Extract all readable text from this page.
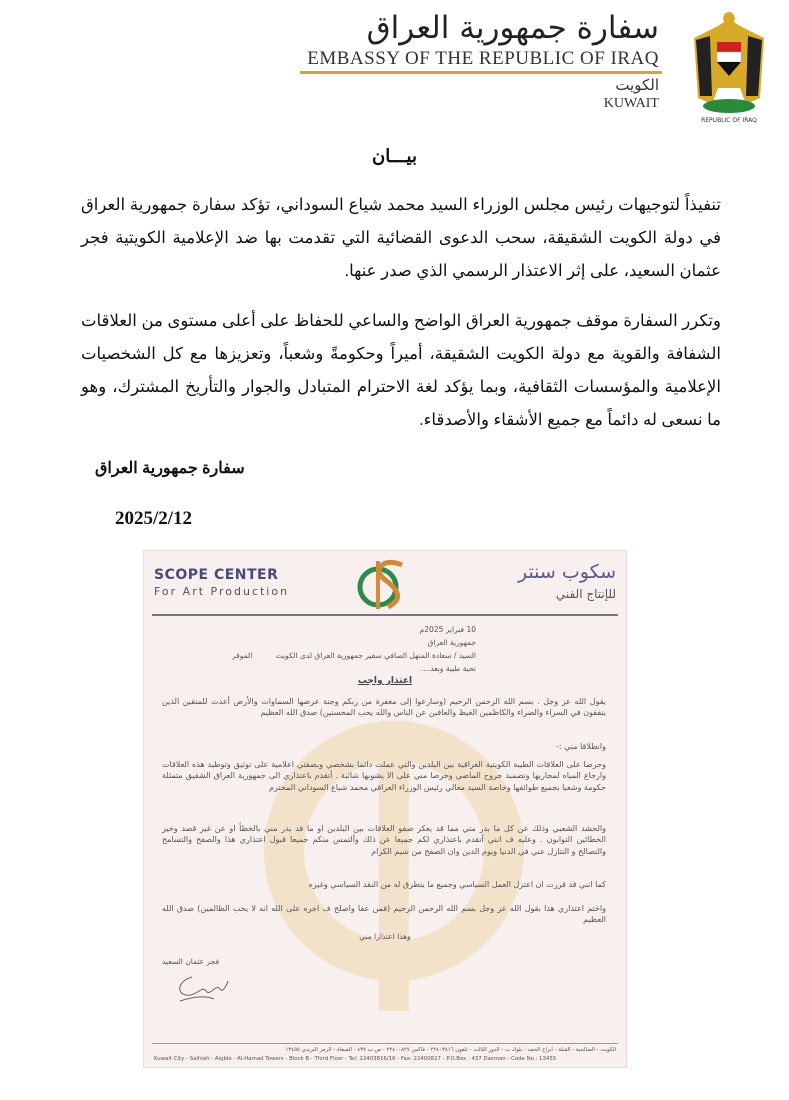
REPUBLIC OF IRAQ
سفارة جمهورية العراق
EMBASSY OF THE REPUBLIC OF IRAQ
الكويت
KUWAIT
بيـــان
تنفيذاً لتوجيهات رئيس مجلس الوزراء السيد محمد شياع السوداني، تؤكد سفارة جمهورية العراق في دولة الكويت الشقيقة، سحب الدعوى القضائية التي تقدمت بها ضد الإعلامية الكويتية فجر عثمان السعيد، على إثر الاعتذار الرسمي الذي صدر عنها.
وتكرر السفارة موقف جمهورية العراق الواضح والساعي للحفاظ على أعلى مستوى من العلاقات الشفافة والقوية مع دولة الكويت الشقيقة، أميراً وحكومةً وشعباً، وتعزيزها مع كل الشخصيات الإعلامية والمؤسسات الثقافية، وبما يؤكد لغة الاحترام المتبادل والجوار والتأريخ المشترك، وهو ما نسعى له دائماً مع جميع الأشقاء والأصدقاء.
سفارة جمهورية العراق
2025/2/12
SCOPE CENTER
For Art Production
سكوب سنتر
للإنتاج الفني
10 فبراير 2025م
جمهورية العراق
السيد / سعادة المنهل الصافي سفير جمهورية العراق لدى الكويت
الموقر
تحية طيبة وبعد....
اعتذار واجب
يقول الله عز وجل . بسم الله الرحمن الرحيم (وسارعوا إلى مغفرة من ربكم وجنة عرضها السماوات والأرض أعدت للمتقين الذين ينفقون في السراء والضراء والكاظمين الغيظ والعافين عن الناس والله يحب المحسنين) صدق الله العظيم
وانطلاقا مني :-
وحرصا على العلاقات الطيبة الكويتية العراقية بين البلدين والتي عملت دائما بشخصي وبصفتي اعلامية على توثيق وتوطيد هذه العلاقات وارجاع المياه لمجاريها وتضميد جروح الماضي وحرصا مني على الا يشوبها شائبة . أتقدم باعتذاري الى جمهورية العراق الشقيق متمثلة حكومة وشعبا بجميع طوائفها وخاصة السيد معالي رئيس الوزراء العراقي محمد شياع السوداني المحترم
والحشد الشعبي وذلك عن كل ما بدر مني مما قد يعكر صفو العلاقات بين البلدين او ما قد بدر مني بالخطأ او عن غير قصد وخير الخطائين التوابون . وعليه ف انني أتقدم باعتذاري لكم جميعا عن ذلك وألتمس منكم جميعا قبول اعتذاري هذا والصفح والتسامح والتصالح و التنازل عني في الدنيا ويوم الدين وان الصفح من شيم الكرام
كما انني قد قررت ان اعتزل العمل السياسي وجميع ما يتطرق له من النقد السياسي وغيره
واختم اعتذاري هذا بقول الله عز وجل بسم الله الرحمن الرحيم (فمن عفا واصلح ف اجره على الله انه لا يحب الظالمين) صدق الله العظيم
وهذا اعتذارا مني
فجر عثمان السعيد
الكويت - الصالحية - القبلة - ابراج الحمد - بلوك ب - الدور الثالث - تلفون ٢٢٤٠٣٨١٦ - فاكس ٢٢٤٠٠٨٢٧ - ص.ب ٤٣٧ - الصفاة - الرمز البريدي ١٣٤٥٥
Kuwait City - Salhiah - Aiqble - Al-Hamad Towers - Block B - Third Floor - Tel: 22403816/16 - Fax: 22400827 - P.O.Box : 437 Dasman - Code No.: 13455
